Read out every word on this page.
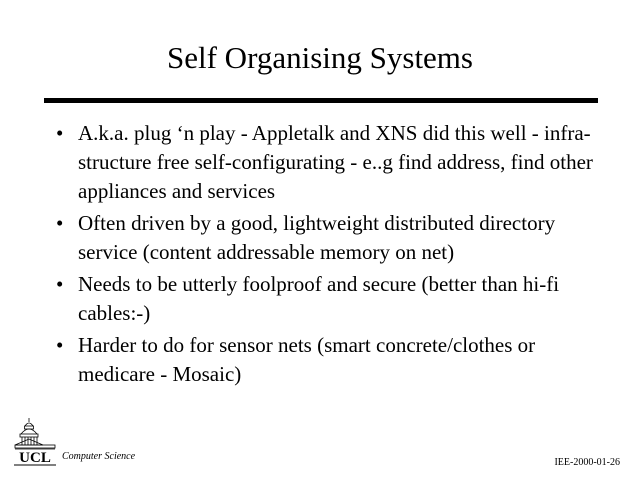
Self Organising Systems
• A.k.a. plug ‘n play - Appletalk and XNS did this well - infra-structure free self-configurating - e..g find address, find other appliances and services
• Often driven by a good, lightweight distributed directory service (content addressable memory on net)
• Needs to be utterly foolproof and secure (better than hi-fi cables:-)
• Harder to do for sensor nets (smart concrete/clothes or medicare - Mosaic)
UCL Computer Science
IEE-2000-01-26
